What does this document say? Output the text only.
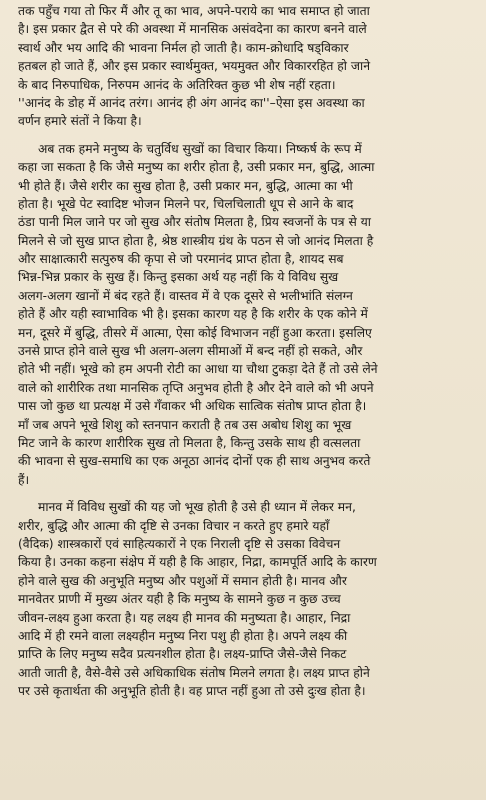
तक पहुँच गया तो फिर मैं और तू का भाव, अपने-पराये का भाव समाप्त हो जाता
है। इस प्रकार द्वैत से परे की अवस्था में मानसिक असंवदेना का कारण बनने वाले
स्वार्थ और भय आदि की भावना निर्मल हो जाती है। काम-क्रोधादि षड्विकार
हतबल हो जाते हैं, और इस प्रकार स्वार्थमुक्त, भयमुक्त और विकाररहित हो जाने
के बाद निरुपाधिक, निरुपम आनंद के अतिरिक्त कुछ भी शेष नहीं रहता।
''आनंद के डोह में आनंद तरंग। आनंद ही अंग आनंद का''–ऐसा इस अवस्था का
वर्णन हमारे संतों ने किया है।
अब तक हमने मनुष्य के चतुर्विध सुखों का विचार किया। निष्कर्ष के रूप में
कहा जा सकता है कि जैसे मनुष्य का शरीर होता है, उसी प्रकार मन, बुद्धि, आत्मा
भी होते हैं। जैसे शरीर का सुख होता है, उसी प्रकार मन, बुद्धि, आत्मा का भी
होता है। भूखे पेट स्वादिष्ट भोजन मिलने पर, चिलचिलाती धूप से आने के बाद
ठंडा पानी मिल जाने पर जो सुख और संतोष मिलता है, प्रिय स्वजनों के पत्र से या
मिलने से जो सुख प्राप्त होता है, श्रेष्ठ शास्त्रीय ग्रंथ के पठन से जो आनंद मिलता है
और साक्षात्कारी सत्पुरुष की कृपा से जो परमानंद प्राप्त होता है, शायद सब
भिन्न-भिन्न प्रकार के सुख हैं। किन्तु इसका अर्थ यह नहीं कि ये विविध सुख
अलग-अलग खानों में बंद रहते हैं। वास्तव में वे एक दूसरे से भलीभांति संलग्न
होते हैं और यही स्वाभाविक भी है। इसका कारण यह है कि शरीर के एक कोने में
मन, दूसरे में बुद्धि, तीसरे में आत्मा, ऐसा कोई विभाजन नहीं हुआ करता। इसलिए
उनसे प्राप्त होने वाले सुख भी अलग-अलग सीमाओं में बन्द नहीं हो सकते, और
होते भी नहीं। भूखे को हम अपनी रोटी का आधा या चौथा टुकड़ा देते हैं तो उसे लेने
वाले को शारीरिक तथा मानसिक तृप्ति अनुभव होती है और देने वाले को भी अपने
पास जो कुछ था प्रत्यक्ष में उसे गँवाकर भी अधिक सात्विक संतोष प्राप्त होता है।
माँ जब अपने भूखे शिशु को स्तनपान कराती है तब उस अबोध शिशु का भूख
मिट जाने के कारण शारीरिक सुख तो मिलता है, किन्तु उसके साथ ही वत्सलता
की भावना से सुख-समाधि का एक अनूठा आनंद दोनों एक ही साथ अनुभव करते
हैं।
मानव में विविध सुखों की यह जो भूख होती है उसे ही ध्यान में लेकर मन,
शरीर, बुद्धि और आत्मा की दृष्टि से उनका विचार न करते हुए हमारे यहाँ
(वैदिक) शास्त्रकारों एवं साहित्यकारों ने एक निराली दृष्टि से उसका विवेचन
किया है। उनका कहना संक्षेप में यही है कि आहार, निद्रा, कामपूर्ति आदि के कारण
होने वाले सुख की अनुभूति मनुष्य और पशुओं में समान होती है। मानव और
मानवेतर प्राणी में मुख्य अंतर यही है कि मनुष्य के सामने कुछ न कुछ उच्च
जीवन-लक्ष्य हुआ करता है। यह लक्ष्य ही मानव की मनुष्यता है। आहार, निद्रा
आदि में ही रमने वाला लक्ष्यहीन मनुष्य निरा पशु ही होता है। अपने लक्ष्य की
प्राप्ति के लिए मनुष्य सदैव प्रत्यनशील होता है। लक्ष्य-प्राप्ति जैसे-जैसे निकट
आती जाती है, वैसे-वैसे उसे अधिकाधिक संतोष मिलने लगता है। लक्ष्य प्राप्त होने
पर उसे कृतार्थता की अनुभूति होती है। वह प्राप्त नहीं हुआ तो उसे दुःख होता है।
